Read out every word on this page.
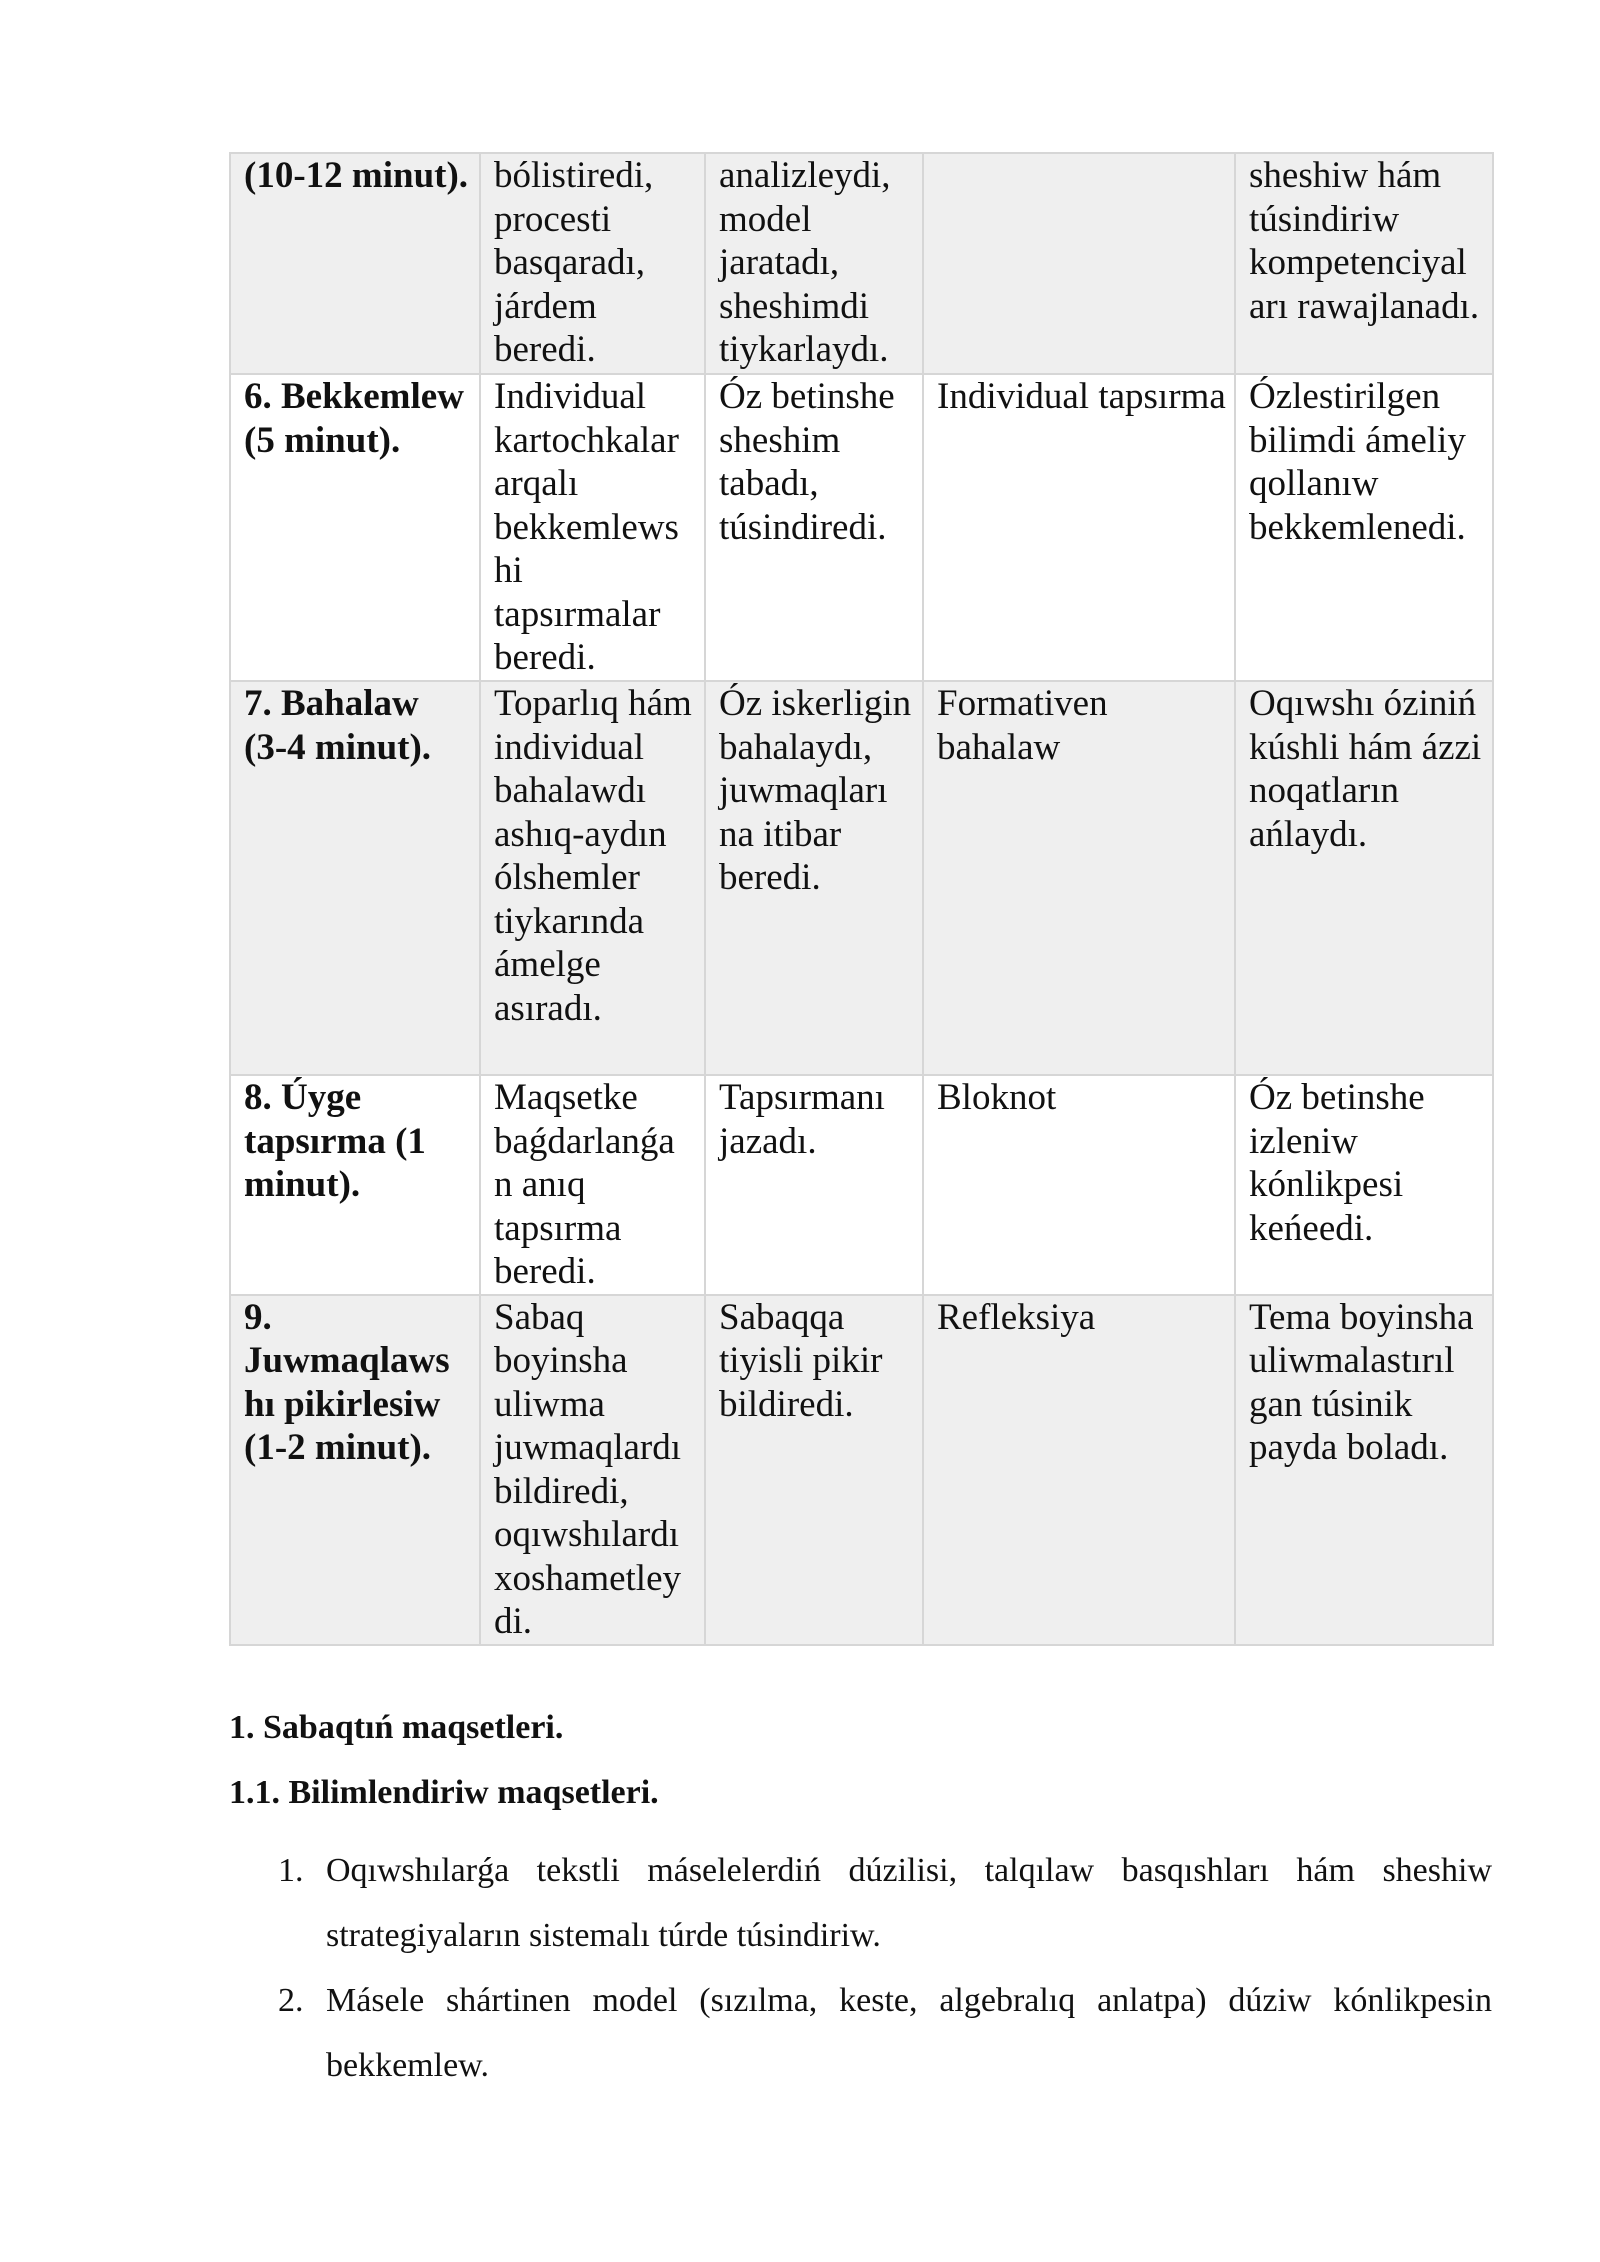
(10-12 minut).	bólistiredi, procesti basqaradı, járdem beredi.	analizleydi, model jaratadı, sheshimdi tiykarlaydı.		sheshiw hám túsindiriw kompetenciyal arı rawajlanadı.
6. Bekkemlew (5 minut).	Individual kartochkalar arqalı bekkemlews hi tapsırmalar beredi.	Óz betinshe sheshim tabadı, túsindiredi.	Individual tapsırma	Ózlestirilgen bilimdi ámeliy qollanıw bekkemlenedi.
7. Bahalaw (3-4 minut).	Toparlıq hám individual bahalawdı ashıq-aydın ólshemler tiykarında ámelge asıradı.	Óz iskerligin bahalaydı, juwmaqları na itibar beredi.	Formativen bahalaw	Oqıwshı óziniń kúshli hám ázzi noqatların ańlaydı.
8. Úyge tapsırma (1 minut).	Maqsetke baǵdarlanǵa n anıq tapsırma beredi.	Tapsırmanı jazadı.	Bloknot	Óz betinshe izleniw kónlikpesi keńeedi.
9. Juwmaqlaws hı pikirlesiw (1-2 minut).	Sabaq boyinsha uliwma juwmaqlardı bildiredi, oqıwshılardı xoshametley di.	Sabaqqa tiyisli pikir bildiredi.	Refleksiya	Tema boyinsha uliwmalastırıl gan túsinik payda boladı.

1. Sabaqtıń maqsetleri.

1.1. Bilimlendiriw maqsetleri.

1. Oqıwshılarǵa tekstli máselelerdiń dúzilisi, talqılaw basqıshları hám sheshiw strategiyaların sistemalı túrde túsindiriw.
2. Másele shártinen model (sızılma, keste, algebralıq anlatpa) dúziw kónlikpesin bekkemlew.
